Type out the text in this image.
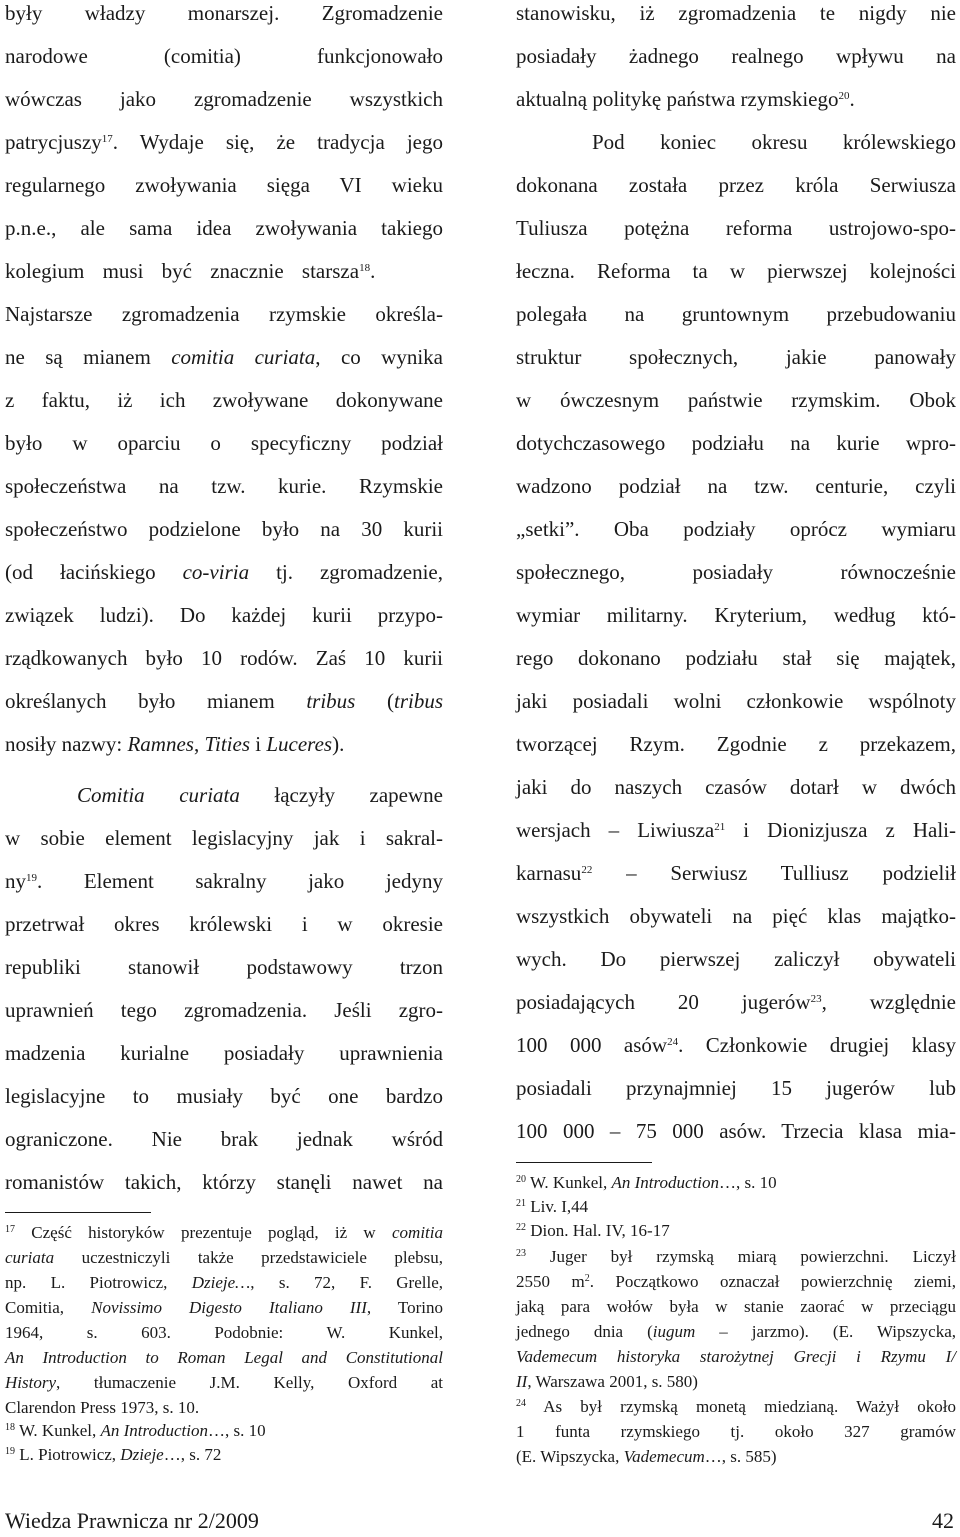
były władzy monarszej. Zgromadzenie
narodowe (comitia) funkcjonowało
wówczas jako zgromadzenie wszystkich
patrycjuszy$^{17}$. Wydaje się, że tradycja jego
regularnego zwoływania sięga VI wieku
p.n.e., ale sama idea zwoływania takiego
kolegium musi być znacznie starsza$^{18}$.
Najstarsze zgromadzenia rzymskie określa-
ne są mianem comitia curiata, co wynika
z faktu, iż ich zwoływane dokonywane
było w oparciu o specyficzny podział
społeczeństwa na tzw. kurie. Rzymskie
społeczeństwo podzielone było na 30 kurii
(od łacińskiego co-viria tj. zgromadzenie,
związek ludzi). Do każdej kurii przypo-
rządkowanych było 10 rodów. Zaś 10 kurii
określanych było mianem tribus (tribus
nosiły nazwy: Ramnes, Tities i Luceres).
Comitia curiata łączyły zapewne
w sobie element legislacyjny jak i sakral-
$ny^{19}$. Element sakralny jako jedyny
przetrwał okres królewski i w okresie
republiki stanowił podstawowy trzon
uprawnień tego zgromadzenia. Jeśli zgro-
madzenia kurialne posiadały uprawnienia
legislacyjne to musiały być one bardzo
ograniczone. Nie brak jednak wśród
romanistów takich, którzy stanęli nawet na
$^{17}$ Część historyków prezentuje pogląd, iż w comitia
curiata uczestniczyli także przedstawiciele plebsu,
np. L. Piotrowicz, Dzieje…, s. 72, F. Grelle,
Comitia, Novissimo Digesto Italiano III, Torino
1964, s. 603. Podobnie: W. Kunkel,
An Introduction to Roman Legal and Constitutional
History, tłumaczenie J.M. Kelly, Oxford at
Clarendon Press 1973, s. 10.
$^{18}$ W. Kunkel, An Introduction…, s. 10
$^{19}$ L. Piotrowicz, Dzieje…, s. 72
stanowisku, iż zgromadzenia te nigdy nie
posiadały żadnego realnego wpływu na
aktualną politykę państwa rzymskiego$^{20}$.
Pod koniec okresu królewskiego
dokonana została przez króla Serwiusza
Tuliusza potężna reforma ustrojowo-spo-
łeczna. Reforma ta w pierwszej kolejności
polegała na gruntownym przebudowaniu
struktur społecznych, jakie panowały
w ówczesnym państwie rzymskim. Obok
dotychczasowego podziału na kurie wpro-
wadzono podział na tzw. centurie, czyli
„setki”. Oba podziały oprócz wymiaru
społecznego, posiadały równocześnie
wymiar militarny. Kryterium, według któ-
rego dokonano podziału stał się majątek,
jaki posiadali wolni członkowie wspólnoty
tworzącej Rzym. Zgodnie z przekazem,
jaki do naszych czasów dotarł w dwóch
wersjach – Liwiusza$^{21}$ i Dionizjusza z Hali-
karnasu$^{22}$ – Serwiusz Tulliusz podzielił
wszystkich obywateli na pięć klas majątko-
wych. Do pierwszej zaliczył obywateli
posiadających 20 jugerów$^{23}$, względnie
100 000 asów$^{24}$. Członkowie drugiej klasy
posiadali przynajmniej 15 jugerów lub
100 000 – 75 000 asów. Trzecia klasa mia-
$^{20}$ W. Kunkel, An Introduction…, s. 10
$^{21}$ Liv. I,44
$^{22}$ Dion. Hal. IV, 16-17
$^{23}$ Juger był rzymską miarą powierzchni. Liczył
2550 $m^2$. Początkowo oznaczał powierzchnię ziemi,
jaką para wołów była w stanie zaorać w przeciągu
jednego dnia (iugum – jarzmo). (E. Wipszycka,
Vademecum historyka starożytnej Grecji i Rzymu I/
II, Warszawa 2001, s. 580)
$^{24}$ As był rzymską monetą miedzianą. Ważył około
1 funta rzymskiego tj. około 327 gramów
(E. Wipszycka, Vademecum…, s. 585)
Wiedza Prawnicza nr 2/2009	42
